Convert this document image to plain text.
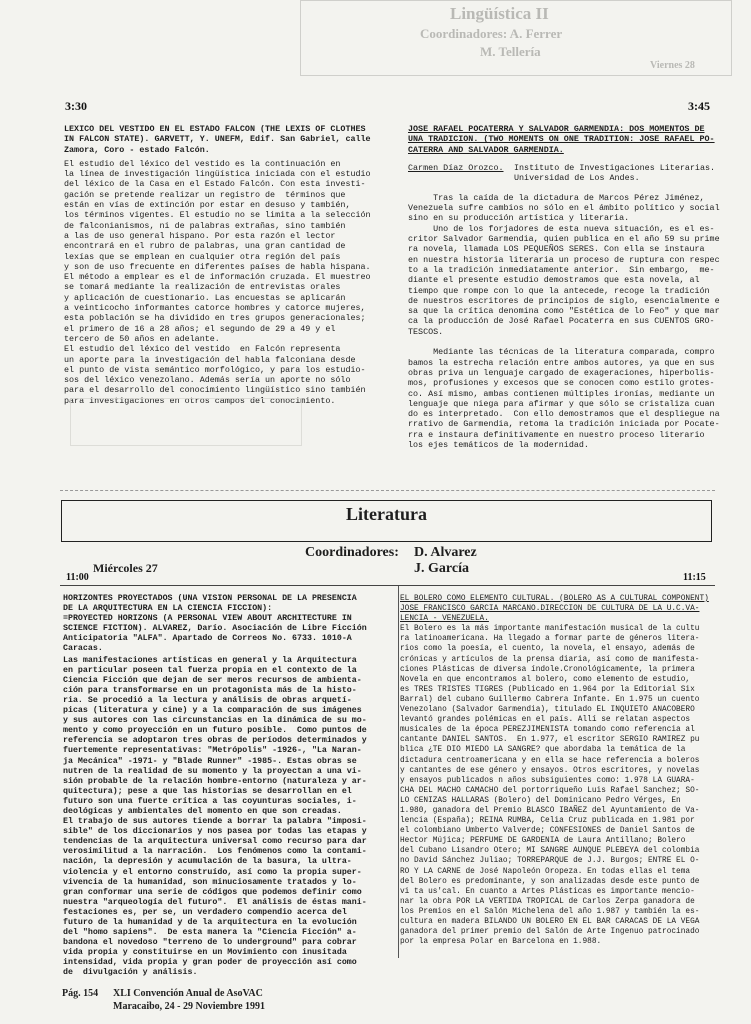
Lingüística II
Coordinadores: A. Ferrer
M. Tellería
Viernes 28
3:30	3:45
LEXICO DEL VESTIDO EN EL ESTADO FALCON (THE LEXIS OF CLOTHES
IN FALCON STATE). GARVETT, Y. UNEFM, Edif. San Gabriel, calle
Zamora, Coro - estado Falcón.
El estudio del léxico del vestido es la continuación en
la línea de investigación lingüística iniciada con el estudio
del léxico de la Casa en el Estado Falcón. Con esta investi-
gación se pretende realizar un registro de  términos que
están en vías de extinción por estar en desuso y también,
los términos vigentes. El estudio no se limita a la selección
de falconianismos, ni de palabras extrañas, sino también
a las de uso general hispano. Por esta razón el lector
encontrará en el rubro de palabras, una gran cantidad de
lexías que se emplean en cualquier otra región del país
y son de uso frecuente en diferentes países de habla hispana.
El método a emplear es el de información cruzada. El muestreo
se tomará mediante la realización de entrevistas orales
y aplicación de cuestionario. Las encuestas se aplicarán
a veinticocho informantes catorce hombres y catorce mujeres,
esta población se ha dividido en tres grupos generacionales;
el primero de 16 a 28 años; el segundo de 29 a 49 y el
tercero de 50 años en adelante.
El estudio del léxico del vestido  en Falcón representa
un aporte para la investigación del habla falconiana desde
el punto de vista semántico morfológico, y para los estudio-
sos del léxico venezolano. Además sería un aporte no sólo
para el desarrollo del conocimiento lingüístico sino también
para investigaciones en otros campos del conocimiento.
JOSE RAFAEL POCATERRA Y SALVADOR GARMENDIA: DOS MOMENTOS DE
UNA TRADICION. (TWO MOMENTS ON ONE TRADITION: JOSE RAFAEL PO-
CATERRA AND SALVADOR GARMENDIA.
Carmen Díaz Orozco. Instituto de Investigaciones Literarias.
Universidad de Los Andes.
Tras la caída de la dictadura de Marcos Pérez Jiménez,
Venezuela sufre cambios no sólo en el ámbito político y social
sino en su producción artística y literaria.
Uno de los forjadores de esta nueva situación, es el es-
critor Salvador Garmendia, quien publica en el año 59 su prime
ra novela, llamada LOS PEQUEÑOS SERES. Con ella se instaura
en nuestra historia literaria un proceso de ruptura con respec
to a la tradición inmediatamente anterior.  Sin embargo,  me-
diante el presente estudio demostramos que esta novela, al
tiempo que rompe con lo que la antecede, recoge la tradición
de nuestros escritores de principios de siglo, esencialmente e
sa que la crítica denomina como "Estética de lo Feo" y que mar
ca la producción de José Rafael Pocaterra en sus CUENTOS GRO-
TESCOS.

Mediante las técnicas de la literatura comparada, compro
bamos la estrecha relación entre ambos autores, ya que en sus
obras priva un lenguaje cargado de exageraciones, hiperbolis-
mos, profusiones y excesos que se conocen como estilo grotes-
co. Así mismo, ambas contienen múltiples ironías, mediante un
lenguaje que niega para afirmar y que sólo se cristaliza cuan
do es interpretado.  Con ello demostramos que el despliegue na
rrativo de Garmendia, retoma la tradición iniciada por Pocate-
rra e instaura definitivamente en nuestro proceso literario
los ejes temáticos de la modernidad.
Literatura
Coordinadores: D. Alvarez
J. García
Miércoles 27
11:00	11:15
HORIZONTES PROYECTADOS (UNA VISION PERSONAL DE LA PRESENCIA
DE LA ARQUITECTURA EN LA CIENCIA FICCION):
=PROYECTED HORIZONS (A PERSONAL VIEW ABOUT ARCHITECTURE IN
SCIENCE FICTION). ALVAREZ, Darío. Asociación de Libre Ficción
Anticipatoria "ALFA". Apartado de Correos No. 6733. 1010-A
Caracas.
Las manifestaciones artísticas en general y la Arquitectura
en particular poseen tal fuerza propia en el contexto de la
Ciencia Ficción que dejan de ser meros recursos de ambienta-
ción para transformarse en un protagonista más de la histo-
ria. Se procedió a la lectura y análisis de obras arquetí-
picas (literatura y cine) y a la comparación de sus imágenes
y sus autores con las circunstancias en la dinámica de su mo-
mento y como proyección en un futuro posible.  Como puntos de
referencia se adoptaron tres obras de períodos determinados y
fuertemente representativas: "Metrópolis" -1926-, "La Naran-
ja Mecánica" -1971- y "Blade Runner" -1985-. Estas obras se
nutren de la realidad de su momento y la proyectan a una vi-
sión probable de la relación hombre-entorno (naturaleza y ar-
quitectura); pese a que las historias se desarrollan en el
futuro son una fuerte crítica a las coyunturas sociales, i-
deológicas y ambientales del momento en que son creadas.
El trabajo de sus autores tiende a borrar la palabra "imposi-
sible" de los diccionarios y nos pasea por todas las etapas y
tendencias de la arquitectura universal como recurso para dar
verosimilitud a la narración.  Los fenómenos como la contami-
nación, la depresión y acumulación de la basura, la ultra-
violencia y el entorno construído, así como la propia super-
vivencia de la humanidad, son minuciosamente tratados y lo-
gran conformar una serie de códigos que podemos definir como
nuestra "arqueología del futuro".  El análisis de éstas mani-
festaciones es, per se, un verdadero compendio acerca del
futuro de la humanidad y de la arquitectura en la evolución
del "homo sapiens".  De esta manera la "Ciencia Ficción" a-
bandona el novedoso "terreno de lo underground" para cobrar
vida propia y constituirse en un Movimiento con inusitada
intensidad, vida propia y gran poder de proyección así como
de  divulgación y análisis.
EL BOLERO COMO ELEMENTO CULTURAL. (BOLERO AS A CULTURAL COMPONENT)
JOSE FRANCISCO GARCIA MARCANO.DIRECCION DE CULTURA DE LA U.C.VA-
LENCIA - VENEZUELA.
El Bolero es la más importante manifestación musical de la cultu
ra latinoamericana. Ha llegado a formar parte de géneros litera-
rios como la poesía, el cuento, la novela, el ensayo, además de
crónicas y artículos de la prensa diaria, así como de manifesta-
ciones Plásticas de diversa índole.Cronológicamente, la primera
Novela en que encontramos al bolero, como elemento de estudio,
es TRES TRISTES TIGRES (Publicado en 1.964 por la Editorial Six
Barral) del cubano Guillermo Cabrera Infante. En 1.975 un cuento
Venezolano (Salvador Garmendia), titulado EL INQUIETO ANACOBERO
levantó grandes polémicas en el país. Allí se relatan aspectos
musicales de la época PEREZJIMENISTA tomando como referencia al
cantante DANIEL SANTOS.  En 1.977, el escritor SERGIO RAMIREZ pu
blica ¿TE DIO MIEDO LA SANGRE? que abordaba la temática de la
dictadura centroamericana y en ella se hace referencia a boleros
y cantantes de ese género y ensayos. Otros escritores, y novelas
y ensayos publicados n años subsiguientes como: 1.978 LA GUARA-
CHA DEL MACHO CAMACHO del portorriqueño Luis Rafael Sanchez; SO-
LO CENIZAS HALLARAS (Bolero) del Dominicano Pedro Vérges, En
1.980, ganadora del Premio BLASCO IBAÑEZ del Ayuntamiento de Va-
lencia (España); REINA RUMBA, Celia Cruz publicada en 1.981 por
el colombiano Umberto Valverde; CONFESIONES de Daniel Santos de
Hector Mújica; PERFUME DE GARDENIA de Laura Antillano; Bolero
del Cubano Lisandro Otero; MI SANGRE AUNQUE PLEBEYA del colombia
no David Sánchez Juliao; TORREPARQUE de J.J. Burgos; ENTRE EL O-
RO Y LA CARNE de José Napoleón Oropeza. En todas ellas el tema
del Bolero es predominante, y son analizadas desde este punto de
vi ta us'cal. En cuanto a Artes Plásticas es importante mencio-
nar la obra POR LA VERTIDA TROPICAL de Carlos Zerpa ganadora de
los Premios en el Salón Michelena del año 1.987 y también la es-
cultura en madera BILANDO UN BOLERO EN EL BAR CARACAS DE LA VEGA
ganadora del primer premio del Salón de Arte Ingenuo patrocinado
por la empresa Polar en Barcelona en 1.988.
Pág. 154 XLI Convención Anual de AsoVAC
Maracaibo, 24 - 29 Noviembre 1991
